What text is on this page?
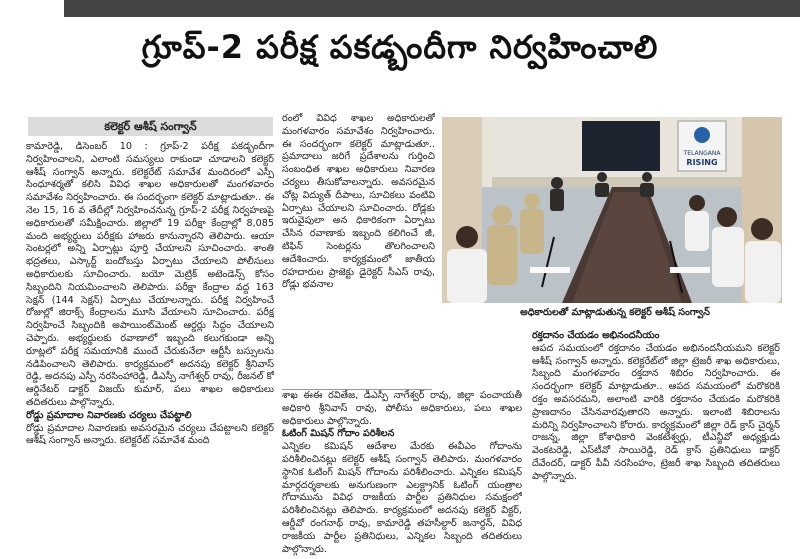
గ్రూప్-2 పరీక్ష పకడ్బందీగా నిర్వహించాలి
కలెక్టర్ ఆశీష్ సంగ్వాన్

కామారెడ్డి, డిసెంబర్ 10 : గ్రూప్-2 పరీక్ష పకడ్బందీగా నిర్వహించాలని, ఎలాంటి సమస్యలు రాకుండా చూడాలని కలెక్టర్ ఆశీష్ సంగ్వాన్ అన్నారు. కలెక్టరేట్ సమావేశ మందిరంలో ఎస్పీ సింధూశర్మతో కలిసి వివిధ శాఖల అధికారులతో మంగళవారం సమావేశం నిర్వహించారు. ఈ సందర్భంగా కలెక్టర్ మాట్లాడుతూ.. ఈ నెల 15, 16 వ తేదీల్లో నిర్వహించనున్న గ్రూప్-2 పరీక్ష నిర్వహణపై అధికారులతో సమీక్షించారు. జిల్లాలో 19 పరీక్షా కేంద్రాల్లో 8,085 మంది అభ్యర్థులు పరీక్షకు హాజరు కానున్నారని తెలిపారు. ఆయా సెంటర్లలో అన్ని ఏర్పాట్లు పూర్తి చేయాలని సూచించారు. శాంతి భద్రతలు, ఎస్కార్ట్ బందోబస్తు ఏర్పాటు చేయాలని పోలీసులు అధికారులకు సూచించారు. బయో మెట్రిక్ అటెండెన్స్ కోసం సిబ్బందిని నియమించాలని తెలిపారు. పరీక్షా కేంద్రాల వద్ద 163 సెక్షన్ (144 సెక్షన్) ఏర్పాటు చేయాలన్నారు. పరీక్ష నిర్వహించే రోజుల్లో జిరాక్స్ కేంద్రాలను మూసి వేయాలని సూచించారు. పరీక్ష నిర్వహించే సిబ్బందికి అపాయింట్‌మెంట్ ఆర్డర్లు సిద్ధం చేయాలని చెప్పారు. అభ్యర్థులకు రవాణాలో ఇబ్బంది కలుగకుండా అన్ని రూట్లలో పరీక్ష సమయానికి ముందే చేరుకునేలా ఆర్టీసీ బస్సులను నడిపించాలని తెలిపారు. కార్యక్రమంలో అదనపు కలెక్టర్ శ్రీనివాస్ రెడ్డి, అదనపు ఎస్పీ నరసింహారెడ్డి, డీఎస్పీ నాగేశ్వర్ రావు, రీజనల్ కో ఆర్డినేటర్ డాక్టర్ విజయ్ కుమార్, పలు శాఖల అధికారులు తదితరులు పాల్గొన్నారు.

రోడ్డు ప్రమాదాల నివారణకు చర్యలు చేపట్టాలి

రోడ్డు ప్రమాదాల నివారణకు అవసరమైన చర్యలు చేపట్టాలని కలెక్టర్ ఆశీష్ సంగ్వాన్ అన్నారు. కలెక్టరేట్ సమావేశ మంది

రంలో వివిధ శాఖల అధికారులతో మంగళవారం సమావేశం నిర్వహించారు. ఈ సందర్భంగా కలెక్టర్ మాట్లాడుతూ.. ప్రమాదాలు జరిగే ప్రదేశాలను గుర్తించి సంబంధిత శాఖల అధికారులు నివారణ చర్యలు తీసుకోవాలన్నారు. అవసరమైన చోట్ల విద్యుత్ దీపాలు, సూచికలు వంటివి ఏర్పాటు చేయాలని సూచించారు. రోడ్లకు ఇరువైపులా అన ధికారికంగా ఏర్పాటు చేసిన రవాణాకు ఇబ్బంది కలిగించే జీ, టిఫిన్ సెంటర్లను తొలగించాలని ఆదేశించారు. కార్యక్రమంలో జాతీయ రహదారుల ప్రాజెక్టు డైరెక్టర్ సీఎస్ రావు, రోడ్లు భవనాల

TELANGANA
RISING
అధికారులతో మాట్లాడుతున్న కలెక్టర్ ఆశీష్ సంగ్వాన్

శాఖ ఈఈ రవితేజ, డీఎస్పీ నాగేశ్వర్ రావు, జిల్లా పంచాయతీ అధికారి శ్రీనివాస్ రావు, పోలీసు అధికారులు, పలు శాఖల అధికారులు పాల్గొన్నారు.

ఓటింగ్ మిషన్ గోదాం పరిశీలన

ఎన్నికల కమిషన్ ఆదేశాల మేరకు ఈవీఎం గోదాంను పరిశీలించినట్లు కలెక్టర్ ఆశీష్ సంగ్వాన్ తెలిపారు. మంగళవారం స్థానిక ఓటింగ్ మిషన్ గోదాంను పరిశీలించారు. ఎన్నికల కమిషన్ మార్గదర్శకాలకు అనుగుణంగా ఎలక్ట్రానిక్ ఓటింగ్ యంత్రాల గోదామును వివిధ రాజకీయ పార్టీల ప్రతినిధుల సమక్షంలో పరిశీలించినట్లు తెలిపారు. కార్యక్రమంలో అదనపు కలెక్టర్ విక్టర్, ఆర్డీవో రంగనాథ్ రావు, కామారెడ్డి తహసీల్దార్ జనార్దన్, వివిధ రాజకీయ పార్టీల ప్రతినిధులు, ఎన్నికల సిబ్బంది తదితరులు పాల్గొన్నారు.

రక్తదానం చేయడం అభినందనీయం

ఆపద సమయంలో రక్తదానం చేయడం అభినందనీయమని కలెక్టర్ ఆశీష్ సంగ్వాన్ అన్నారు. కలెక్టరేట్‌లో జిల్లా ట్రెజరీ శాఖ అధికారులు, సిబ్బంది మంగళవారం రక్తదాన శిబిరం నిర్వహించారు. ఈ సందర్భంగా కలెక్టర్ మాట్లాడుతూ.. ఆపద సమయంలో మరొకరికి రక్తం అవసరమని, అలాంటి వారికి రక్తదానం చేయడం మరొకరికి ప్రాణదానం చేసినవారవుతారని అన్నారు. ఇలాంటి శిబిరాలను మరిన్ని నిర్వహించాలని కోరారు. కార్యక్రమంలో జిల్లా రెడ్ క్రాస్ చైర్మన్ రాజన్న, జిల్లా కోశాధికారి వెంకటేశ్వర్లు, టీఎన్జీవో అధ్యక్షుడు వెంకటరెడ్డి, ఎస్‌టీవో సాయిరెడ్డి, రెడ్ క్రాస్ ప్రతినిధులు డాక్టర్ దేవేందర్, డాక్టర్ పీవీ నరసింహం, ట్రెజరీ శాఖ సిబ్బంది తదితరులు పాల్గొన్నారు.
